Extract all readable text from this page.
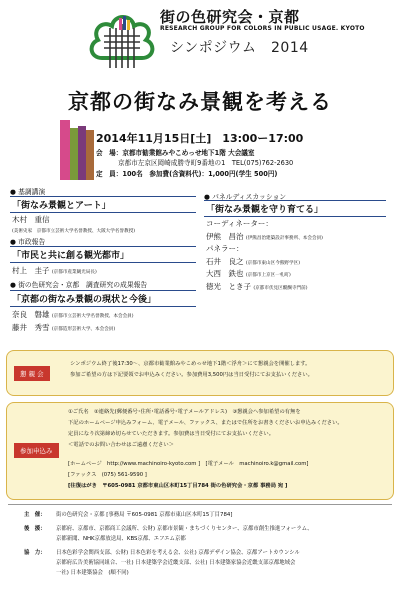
街の色研究会・京都
RESEARCH GROUP FOR COLORS IN PUBLIC USAGE. KYOTO
シンポジウム　2014
京都の街なみ景観を考える
2014年11月15日[土]　13:00ー17:00
会　場：京都市勧業館みやこめっせ地下1階 大会議室
京都市左京区岡崎成勝寺町9番地の1　 TEL(075)762-2630
定　員：100名　参加費(含資料代)：1,000円(学生 500円)
● 基調講演
「街なみ景観とアート」
木村　重信
(美術史家　京都市立芸術大学名誉教授、大阪大学名誉教授)
● 市政報告
「市民と共に創る観光都市」
村上　圭子 (京都市産業観光局長)
● 街の色研究会・京都　調査研究の成果報告
「京都の街なみ景観の現状と今後」
奈良　磐雄 (京都市立芸術大学名誉教授、本会会員)
藤井　秀雪 (京都造形芸術大学、本会会員)
● パネルディスカッション
「街なみ景観を守り育てる」
コーディネーター：
伊熊　昌治 (伊熊昌治建築設計事務所、本会会員)
パネラー：
石井　良之 (京都市東山区今熊野学区)
大西　鉄也 (京都市上京区一札町)
徳光　とき子 (京都市伏見区醍醐寺門前)
懇 親 会
シンポジウム終了後17:30〜、京都市勧業館みやこめっせ地下1階＜浮舟＞にて懇親会を開催します。
参加ご希望の方は下記要領でお申込みください。参加費用3,500円は当日受付にてお支払いください。
参加申込み
①ご氏名　②連絡先(郵便番号･住所･電話番号･電子メールアドレス)　③懇親会へ参加希望の有無を
下記のホームページ申込みフォーム、電子メール、ファックス、またはで住所をお書きくださいお申込みください。
定員になり次第締め切らせていただきます。参加費は当日受付にてお支払いください。
＜電話でのお問い合わせはご遠慮ください＞
[ホームページ　http://www.machinoiro-kyoto.com ]　[電子メール　machinoiro.k@gmail.com]
[ファックス　(075) 561-9590 ]
[往復はがき　〒605-0981 京都市東山区本町15丁目784 街の色研究会・京都 事務局 宛 ]
主　催： 街の色研究会・京都 [事務局 〒605-0981 京都市東山区本町15丁目784]
後　援： 京都府、京都市、京都商工会議所、公財) 京都市景観・まちづくりセンター、京都市創生推進フォーラム、
京都新聞、NHK京都放送局、KBS京都、エフエム京都
協　力： 日本色彩学会関西支部、公財) 日本色彩を考える会、公社) 京都デザイン協会、京都アートカウンシル
京都府広告美術協同組合、一社) 日本建築学会近畿支部、公社) 日本建築家協会近畿支部京都地域会
一社) 日本建築協会　(順不同)
